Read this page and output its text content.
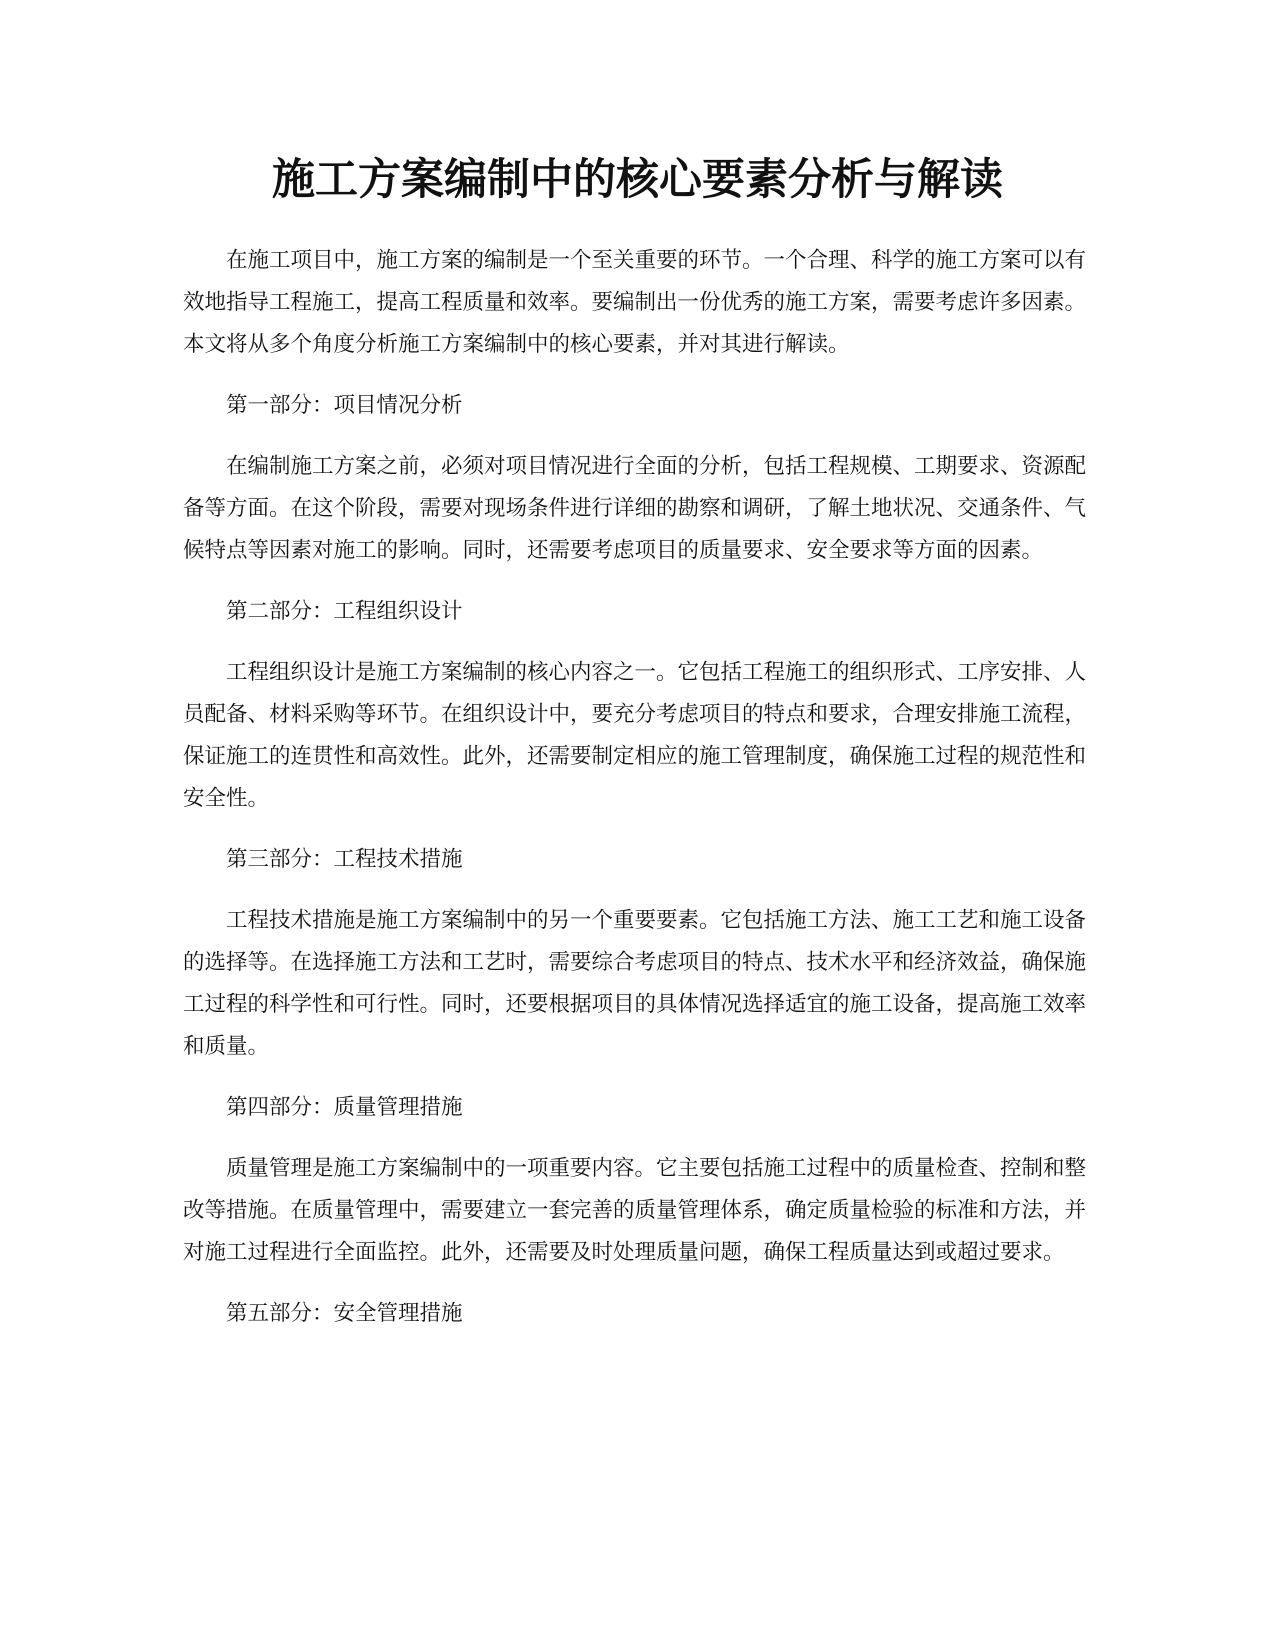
施工方案编制中的核心要素分析与解读

在施工项目中，施工方案的编制是一个至关重要的环节。一个合理、科学的施工方案可以有效地指导工程施工，提高工程质量和效率。要编制出一份优秀的施工方案，需要考虑许多因素。本文将从多个角度分析施工方案编制中的核心要素，并对其进行解读。

第一部分：项目情况分析

在编制施工方案之前，必须对项目情况进行全面的分析，包括工程规模、工期要求、资源配备等方面。在这个阶段，需要对现场条件进行详细的勘察和调研，了解土地状况、交通条件、气候特点等因素对施工的影响。同时，还需要考虑项目的质量要求、安全要求等方面的因素。

第二部分：工程组织设计

工程组织设计是施工方案编制的核心内容之一。它包括工程施工的组织形式、工序安排、人员配备、材料采购等环节。在组织设计中，要充分考虑项目的特点和要求，合理安排施工流程，保证施工的连贯性和高效性。此外，还需要制定相应的施工管理制度，确保施工过程的规范性和安全性。

第三部分：工程技术措施

工程技术措施是施工方案编制中的另一个重要要素。它包括施工方法、施工工艺和施工设备的选择等。在选择施工方法和工艺时，需要综合考虑项目的特点、技术水平和经济效益，确保施工过程的科学性和可行性。同时，还要根据项目的具体情况选择适宜的施工设备，提高施工效率和质量。

第四部分：质量管理措施

质量管理是施工方案编制中的一项重要内容。它主要包括施工过程中的质量检查、控制和整改等措施。在质量管理中，需要建立一套完善的质量管理体系，确定质量检验的标准和方法，并对施工过程进行全面监控。此外，还需要及时处理质量问题，确保工程质量达到或超过要求。

第五部分：安全管理措施
